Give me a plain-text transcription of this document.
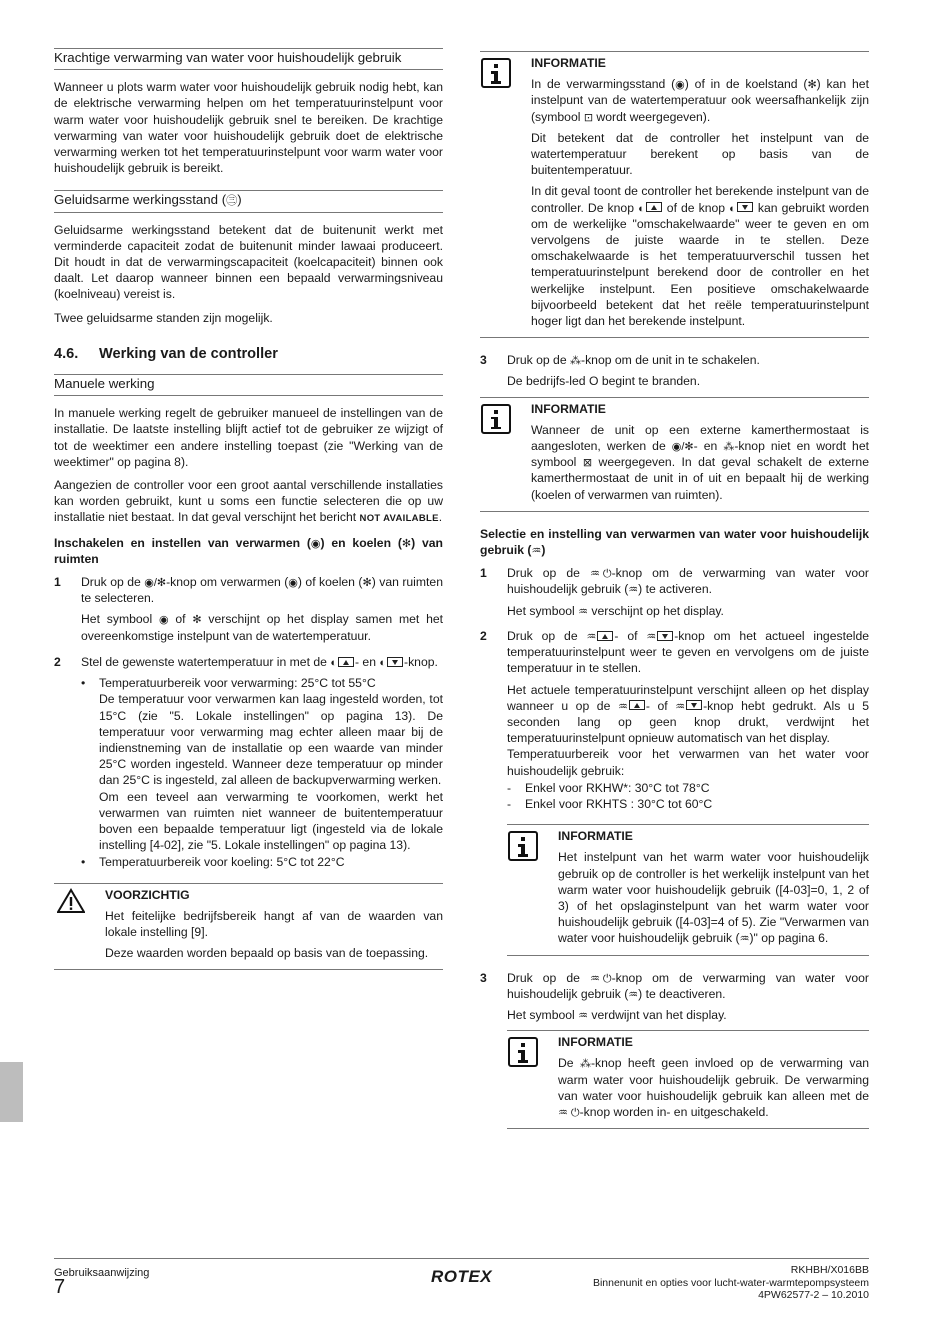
Krachtige verwarming van water voor huishoudelijk gebruik

Wanneer u plots warm water voor huishoudelijk gebruik nodig hebt, kan de elektrische verwarming helpen om het temperatuurinstelpunt voor warm water voor huishoudelijk gebruik snel te bereiken. De krachtige verwarming van water voor huishoudelijk gebruik doet de elektrische verwarming werken tot het temperatuurinstelpunt voor warm water voor huishoudelijk gebruik is bereikt.

Geluidsarme werkingsstand (㊂)

Geluidsarme werkingsstand betekent dat de buitenunit werkt met verminderde capaciteit zodat de buitenunit minder lawaai produceert. Dit houdt in dat de verwarmingscapaciteit (koelcapaciteit) binnen ook daalt. Let daarop wanneer binnen een bepaald verwarmingsniveau (koelniveau) vereist is.

Twee geluidsarme standen zijn mogelijk.

4.6. Werking van de controller
Manuele werking

In manuele werking regelt de gebruiker manueel de instellingen van de installatie. De laatste instelling blijft actief tot de gebruiker ze wijzigt of tot de weektimer een andere instelling toepast (zie "Werking van de weektimer" op pagina 8).

Aangezien de controller voor een groot aantal verschillende installaties kan worden gebruikt, kunt u soms een functie selecteren die op uw installatie niet bestaat. In dat geval verschijnt het bericht NOT AVAILABLE.

Inschakelen en instellen van verwarmen (◉) en koelen (✻) van ruimten

1 Druk op de ◉/✻-knop om verwarmen (◉) of koelen (✻) van ruimten te selecteren.

Het symbool ◉ of ✻ verschijnt op het display samen met het overeenkomstige instelpunt van de watertemperatuur.

2 Stel de gewenste watertemperatuur in met de ◐ - en ◐ -knop.

• Temperatuurbereik voor verwarming: 25°C tot 55°C
De temperatuur voor verwarmen kan laag ingesteld worden, tot 15°C (zie "5. Lokale instellingen" op pagina 13). De temperatuur voor verwarming mag echter alleen maar bij de indienstneming van de installatie op een waarde van minder 25°C worden ingesteld. Wanneer deze temperatuur op minder dan 25°C is ingesteld, zal alleen de backupverwarming werken.
Om een teveel aan verwarming te voorkomen, werkt het verwarmen van ruimten niet wanneer de buitentemperatuur boven een bepaalde temperatuur ligt (ingesteld via de lokale instelling [4-02], zie "5. Lokale instellingen" op pagina 13).
• Temperatuurbereik voor koeling: 5°C tot 22°C
VOORZICHTIG

Het feitelijke bedrijfsbereik hangt af van de waarden van lokale instelling [9].

Deze waarden worden bepaald op basis van de toepassing.

INFORMATIE

In de verwarmingsstand (◉) of in de koelstand (✻) kan het instelpunt van de watertemperatuur ook weersafhankelijk zijn (symbool ⊡ wordt weergegeven).

Dit betekent dat de controller het instelpunt van de watertemperatuur berekent op basis van de buitentemperatuur.

In dit geval toont de controller het berekende instelpunt van de controller. De knop ◐ of de knop ◐ kan gebruikt worden om de werkelijke "omschakelwaarde" weer te geven en om vervolgens de juiste waarde in te stellen. Deze omschakelwaarde is het temperatuurverschil tussen het temperatuurinstelpunt berekend door de controller en het werkelijke instelpunt. Een positieve omschakelwaarde bijvoorbeeld betekent dat het reële temperatuurinstelpunt hoger ligt dan het berekende instelpunt.

3 Druk op de ⁂-knop om de unit in te schakelen.

De bedrijfs-led O begint te branden.

INFORMATIE

Wanneer de unit op een externe kamerthermostaat is aangesloten, werken de ◉/✻- en ⁂-knop niet en wordt het symbool ⊠ weergegeven. In dat geval schakelt de externe kamerthermostaat de unit in of uit en bepaalt hij de werking (koelen of verwarmen van ruimten).

Selectie en instelling van verwarmen van water voor huishoudelijk gebruik (♒)

1 Druk op de ♒ ⏻-knop om de verwarming van water voor huishoudelijk gebruik (♒) te activeren.

Het symbool ♒ verschijnt op het display.

2 Druk op de ♒ - of ♒ -knop om het actueel ingestelde temperatuurinstelpunt weer te geven en vervolgens om de juiste temperatuur in te stellen.

Het actuele temperatuurinstelpunt verschijnt alleen op het display wanneer u op de ♒ - of ♒ -knop hebt gedrukt. Als u 5 seconden lang op geen knop drukt, verdwijnt het temperatuurinstelpunt opnieuw automatisch van het display.

Temperatuurbereik voor het verwarmen van het water voor huishoudelijk gebruik:

- Enkel voor RKHW*: 30°C tot 78°C
- Enkel voor RKHTS : 30°C tot 60°C
INFORMATIE

Het instelpunt van het warm water voor huishoudelijk gebruik op de controller is het werkelijk instelpunt van het warm water voor huishoudelijk gebruik ([4-03]=0, 1, 2 of 3) of het opslaginstelpunt van het warm water voor huishoudelijk gebruik ([4-03]=4 of 5). Zie "Verwarmen van water voor huishoudelijk gebruik (♒)" op pagina 6.

3 Druk op de ♒ ⏻-knop om de verwarming van water voor huishoudelijk gebruik (♒) te deactiveren.

Het symbool ♒ verdwijnt van het display.

INFORMATIE

De ⁂-knop heeft geen invloed op de verwarming van warm water voor huishoudelijk gebruik. De verwarming van water voor huishoudelijk gebruik kan alleen met de ♒ ⏻-knop worden in- en uitgeschakeld.

Gebruiksaanwijzing
7	ROTEX	RKHBH/X016BB
Binnenunit en opties voor lucht-water-warmtepompsysteem
4PW62577-2 – 10.2010
